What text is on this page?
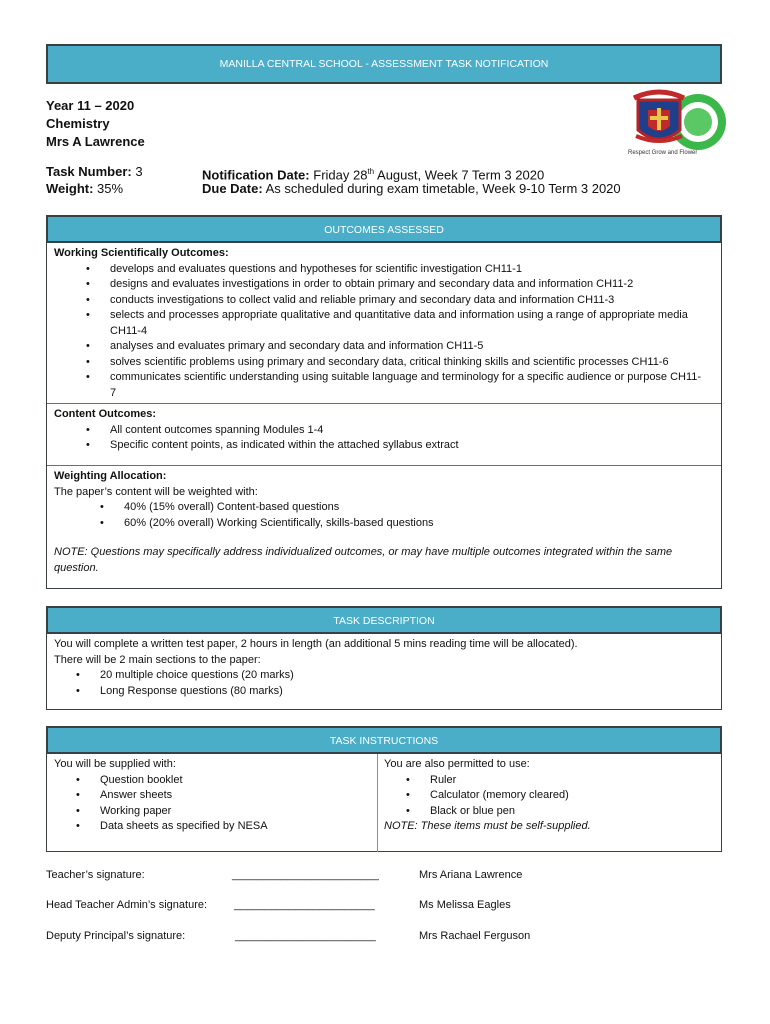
MANILLA CENTRAL SCHOOL - ASSESSMENT TASK NOTIFICATION
Year 11 – 2020
Chemistry
Mrs A Lawrence
Task Number: 3
Weight: 35%
Notification Date: Friday 28th August, Week 7 Term 3 2020
Due Date: As scheduled during exam timetable, Week 9-10 Term 3 2020
Respect Grow and Flower
OUTCOMES ASSESSED
Working Scientifically Outcomes:
• develops and evaluates questions and hypotheses for scientific investigation CH11-1
• designs and evaluates investigations in order to obtain primary and secondary data and information CH11-2
• conducts investigations to collect valid and reliable primary and secondary data and information CH11-3
• selects and processes appropriate qualitative and quantitative data and information using a range of appropriate media CH11-4
• analyses and evaluates primary and secondary data and information CH11-5
• solves scientific problems using primary and secondary data, critical thinking skills and scientific processes CH11-6
• communicates scientific understanding using suitable language and terminology for a specific audience or purpose CH11-7
Content Outcomes:
• All content outcomes spanning Modules 1-4
• Specific content points, as indicated within the attached syllabus extract
Weighting Allocation:
The paper’s content will be weighted with:
• 40% (15% overall) Content-based questions
• 60% (20% overall) Working Scientifically, skills-based questions
NOTE: Questions may specifically address individualized outcomes, or may have multiple outcomes integrated within the same question.
TASK DESCRIPTION
You will complete a written test paper, 2 hours in length (an additional 5 mins reading time will be allocated).
There will be 2 main sections to the paper:
• 20 multiple choice questions (20 marks)
• Long Response questions (80 marks)
TASK INSTRUCTIONS
You will be supplied with:
• Question booklet
• Answer sheets
• Working paper
• Data sheets as specified by NESA
You are also permitted to use:
• Ruler
• Calculator (memory cleared)
• Black or blue pen
NOTE: These items must be self-supplied.
Teacher’s signature:	________________________	Mrs Ariana Lawrence
Head Teacher Admin’s signature: _______________________	Ms Melissa Eagles
Deputy Principal’s signature:	_______________________	Mrs Rachael Ferguson
